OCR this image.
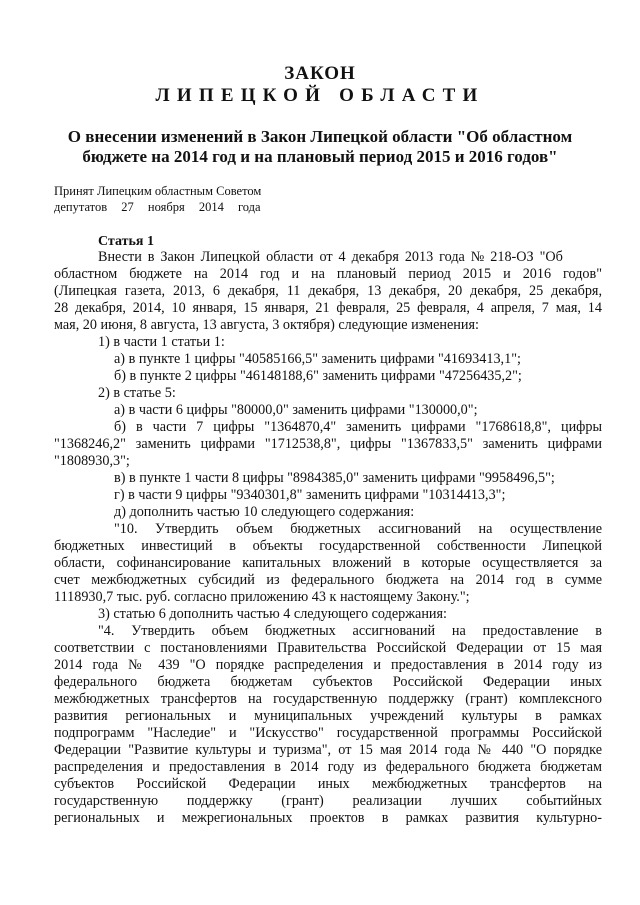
ЗАКОН
ЛИПЕЦКОЙ ОБЛАСТИ
О внесении изменений в Закон Липецкой области "Об областном бюджете на 2014 год и на плановый период 2015 и 2016 годов"
Принят Липецким областным Советом
депутатов 27 ноября 2014 года
Статья 1
Внести в Закон Липецкой области от 4 декабря 2013 года № 218-ОЗ "Об
областном бюджете на 2014 год и на плановый период 2015 и 2016 годов"
(Липецкая газета, 2013, 6 декабря, 11 декабря, 13 декабря, 20 декабря, 25 декабря,
28 декабря, 2014, 10 января, 15 января, 21 февраля, 25 февраля, 4 апреля, 7 мая, 14
мая, 20 июня, 8 августа, 13 августа, 3 октября) следующие изменения:
1) в части 1 статьи 1:
а) в пункте 1 цифры "40585166,5" заменить цифрами "41693413,1";
б) в пункте 2 цифры "46148188,6" заменить цифрами "47256435,2";
2) в статье 5:
а) в части 6 цифры "80000,0" заменить цифрами "130000,0";
б) в части 7 цифры "1364870,4" заменить цифрами "1768618,8", цифры
"1368246,2" заменить цифрами "1712538,8", цифры "1367833,5" заменить цифрами
"1808930,3";
в) в пункте 1 части 8 цифры "8984385,0" заменить цифрами "9958496,5";
г) в части 9 цифры "9340301,8" заменить цифрами "10314413,3";
д) дополнить частью 10 следующего содержания:
"10. Утвердить объем бюджетных ассигнований на осуществление
бюджетных инвестиций в объекты государственной собственности Липецкой
области, софинансирование капитальных вложений в которые осуществляется за
счет межбюджетных субсидий из федерального бюджета на 2014 год в сумме
1118930,7 тыс. руб. согласно приложению 43 к настоящему Закону.";
3) статью 6 дополнить частью 4 следующего содержания:
"4. Утвердить объем бюджетных ассигнований на предоставление в
соответствии с постановлениями Правительства Российской Федерации от 15 мая
2014 года № 439 "О порядке распределения и предоставления в 2014 году из
федерального бюджета бюджетам субъектов Российской Федерации иных
межбюджетных трансфертов на государственную поддержку (грант) комплексного
развития региональных и муниципальных учреждений культуры в рамках
подпрограмм "Наследие" и "Искусство" государственной программы Российской
Федерации "Развитие культуры и туризма", от 15 мая 2014 года № 440 "О порядке
распределения и предоставления в 2014 году из федерального бюджета бюджетам
субъектов Российской Федерации иных межбюджетных трансфертов на
государственную поддержку (грант) реализации лучших событийных
региональных и межрегиональных проектов в рамках развития культурно-
